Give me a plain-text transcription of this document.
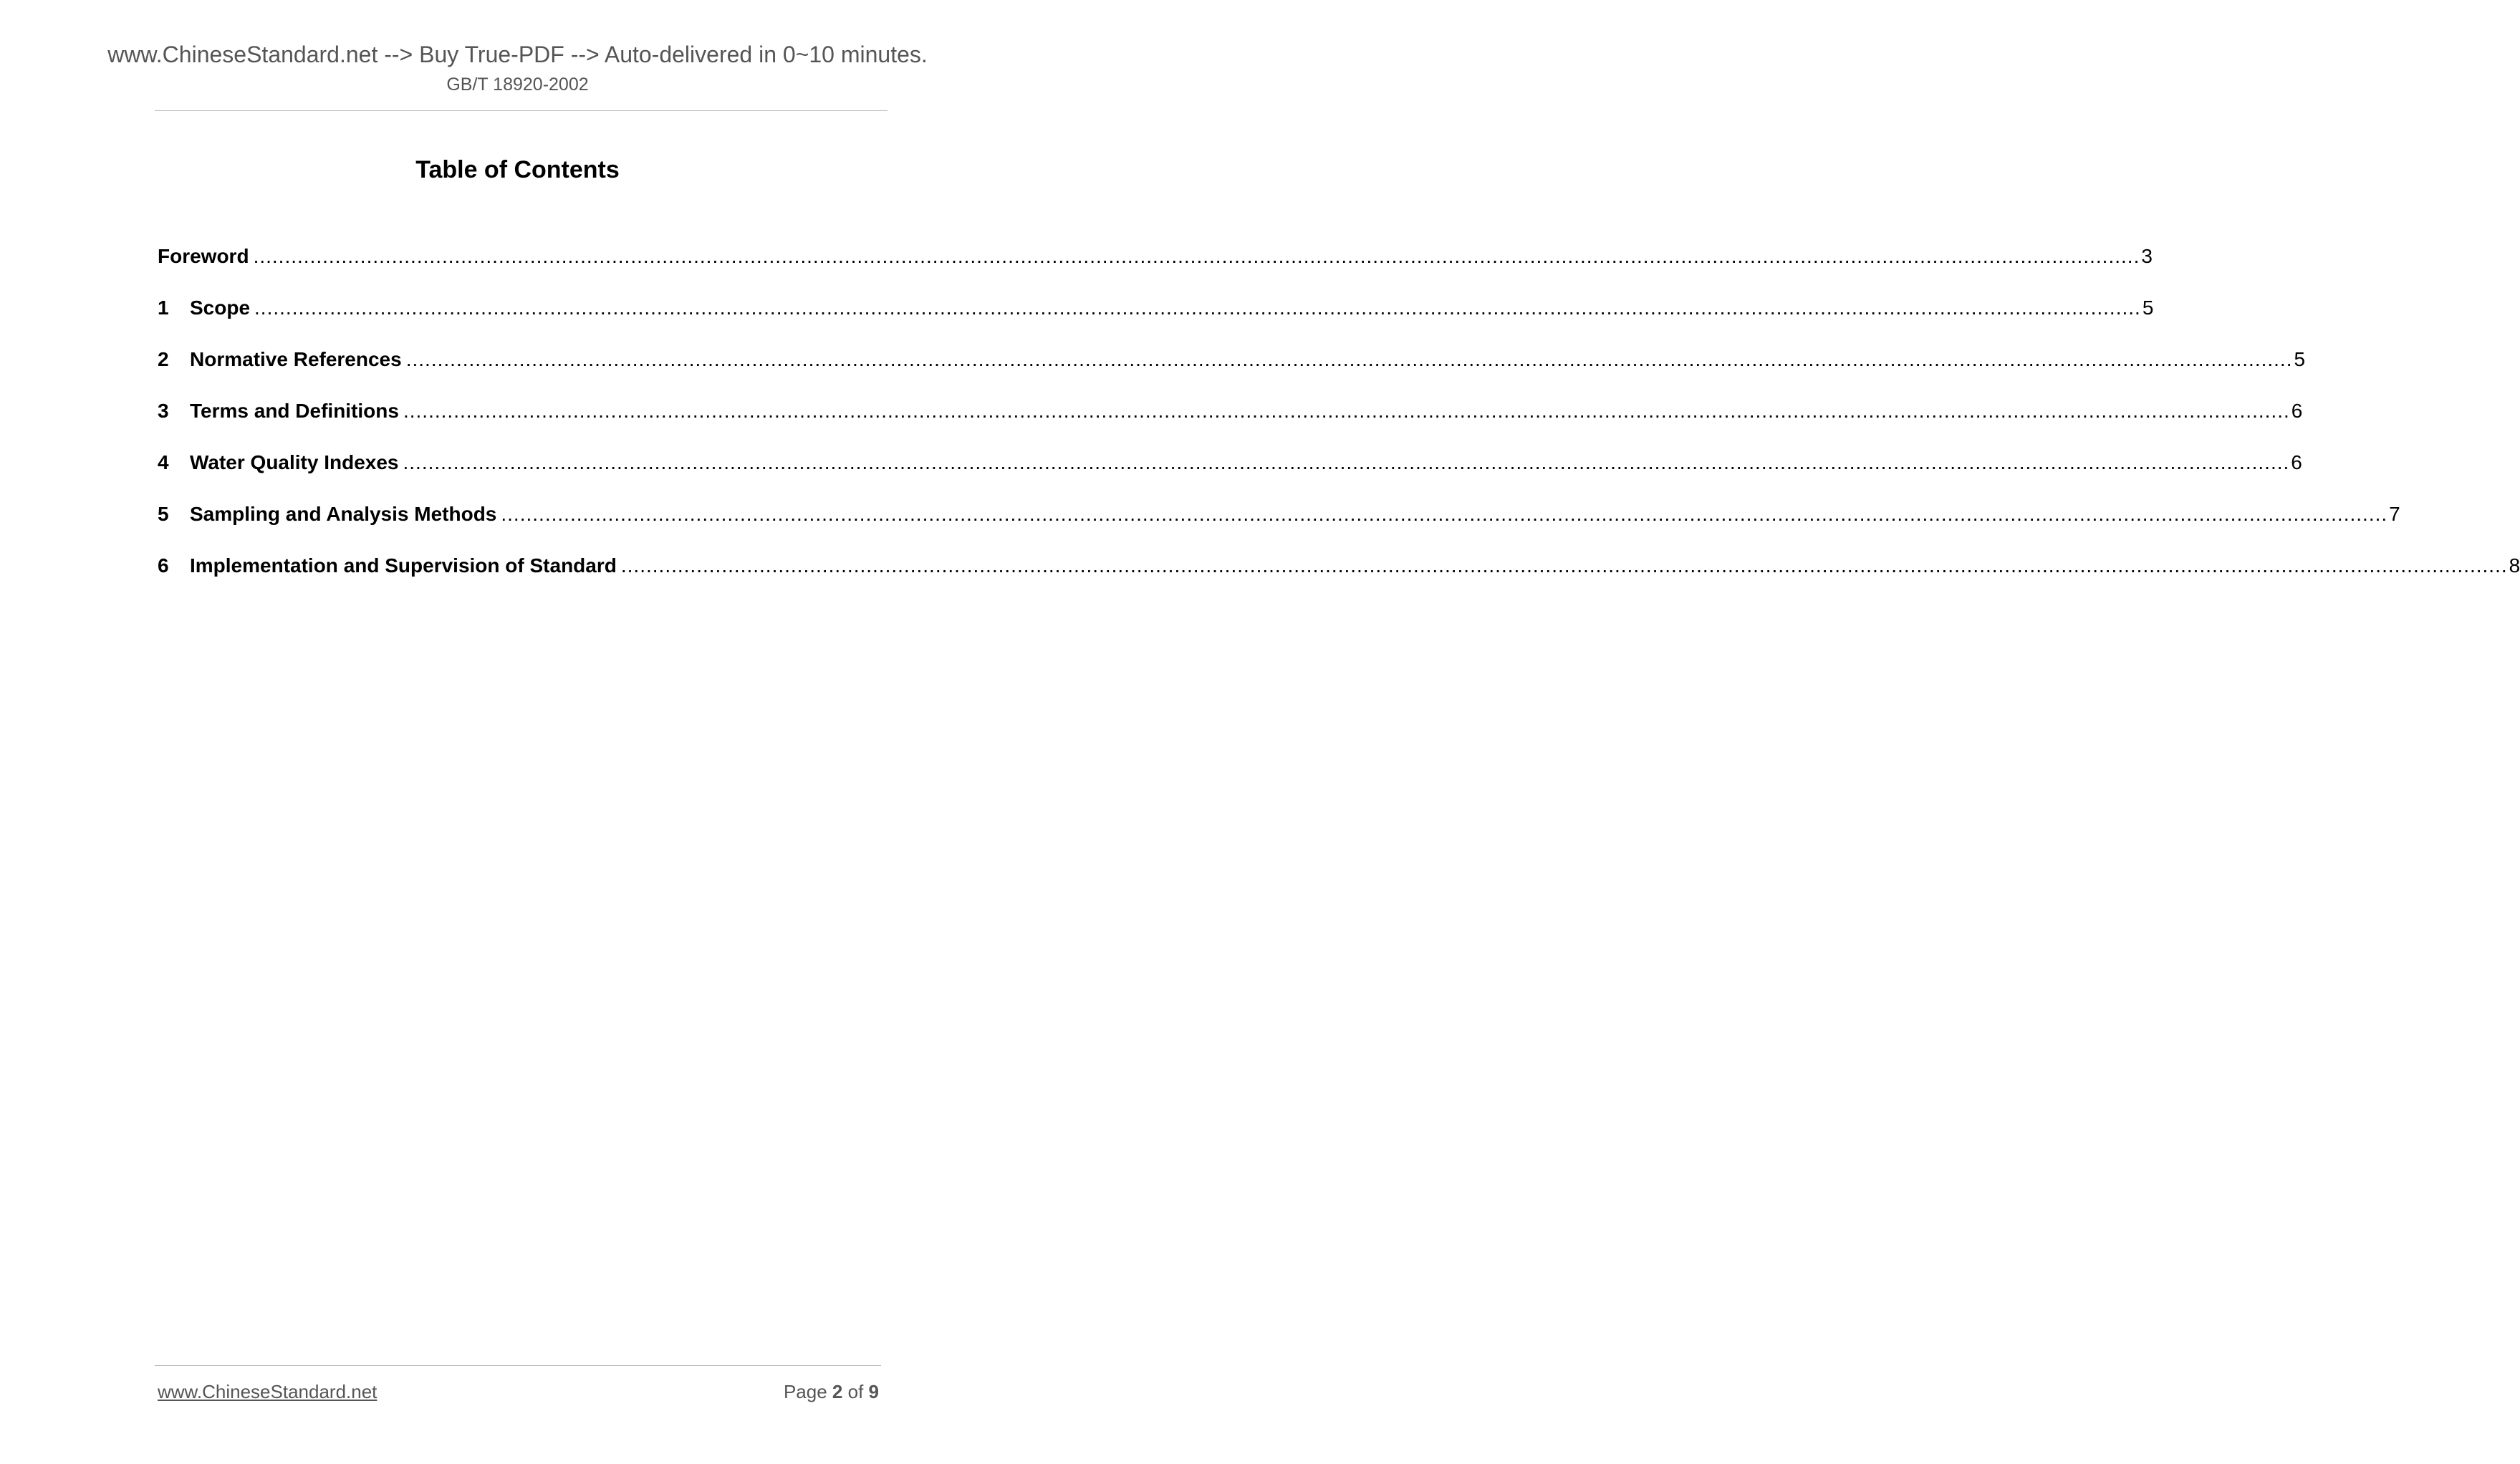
www.ChineseStandard.net --> Buy True-PDF --> Auto-delivered in 0~10 minutes.
GB/T 18920-2002
Table of Contents
Foreword ............................................................................................................................................................................................................................................................................................................ 3
1	Scope ............................................................................................................................................................................................................................................................................................................ 5
2	Normative References ............................................................................................................................................................................................................................................................................................................ 5
3	Terms and Definitions ............................................................................................................................................................................................................................................................................................................ 6
4	Water Quality Indexes ............................................................................................................................................................................................................................................................................................................ 6
5	Sampling and Analysis Methods ............................................................................................................................................................................................................................................................................................................ 7
6	Implementation and Supervision of Standard ............................................................................................................................................................................................................................................................................................................ 8
www.ChineseStandard.net	Page 2 of 9
